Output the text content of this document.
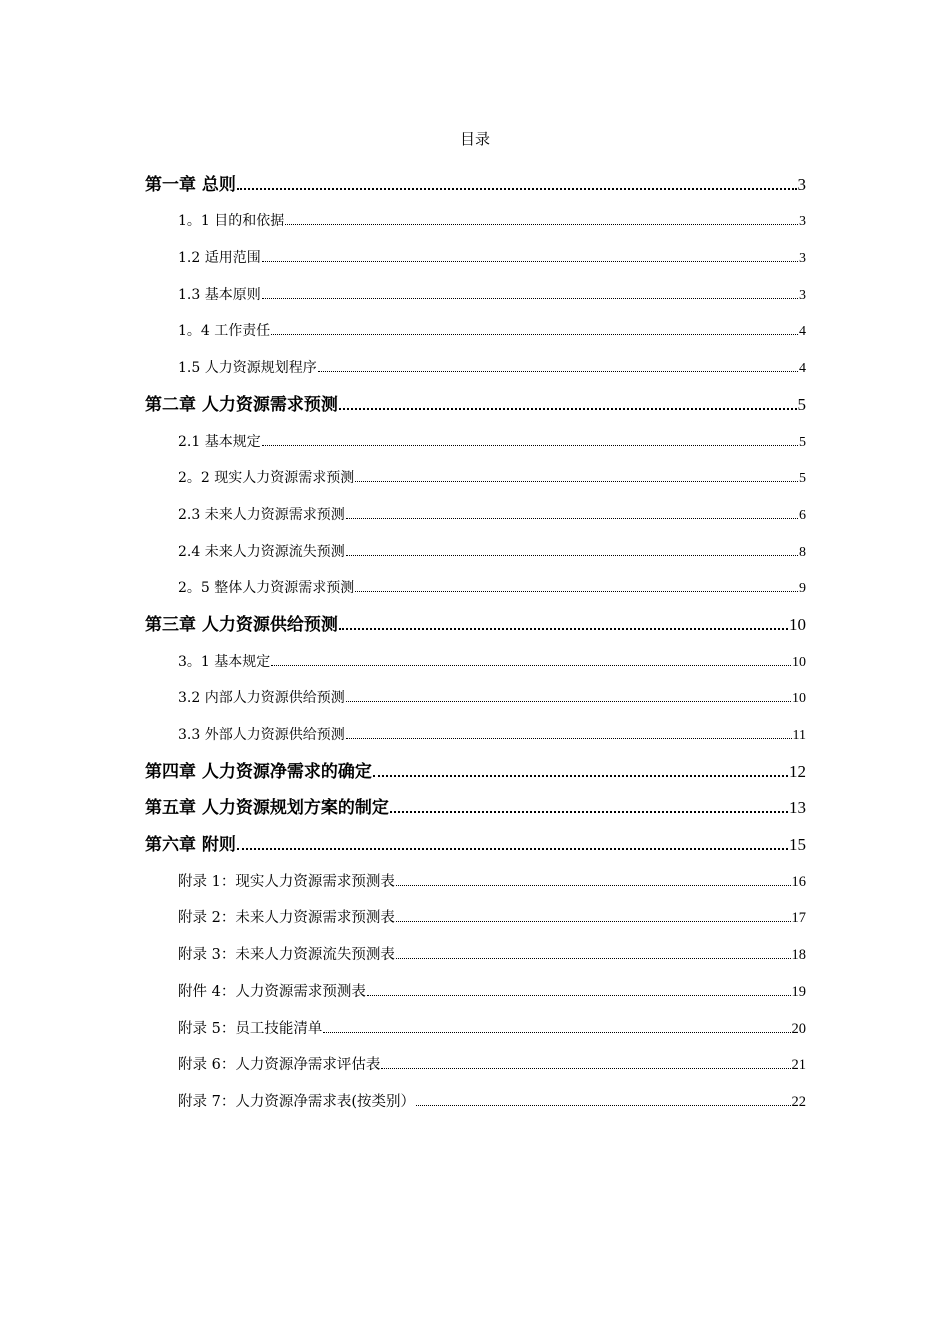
目录
第一章 总则	3
1。1 目的和依据	3
1.2 适用范围	3
1.3 基本原则	3
1。4 工作责任	4
1.5 人力资源规划程序	4
第二章 人力资源需求预测	5
2.1 基本规定	5
2。2 现实人力资源需求预测	5
2.3 未来人力资源需求预测	6
2.4 未来人力资源流失预测	8
2。5 整体人力资源需求预测	9
第三章 人力资源供给预测	10
3。1 基本规定	10
3.2 内部人力资源供给预测	10
3.3 外部人力资源供给预测	11
第四章 人力资源净需求的确定	12
第五章 人力资源规划方案的制定	13
第六章 附则	15
附录 1：现实人力资源需求预测表	16
附录 2：未来人力资源需求预测表	17
附录 3：未来人力资源流失预测表	18
附件 4：人力资源需求预测表	19
附录 5：员工技能清单	20
附录 6：人力资源净需求评估表	21
附录 7：人力资源净需求表(按类别）	22
